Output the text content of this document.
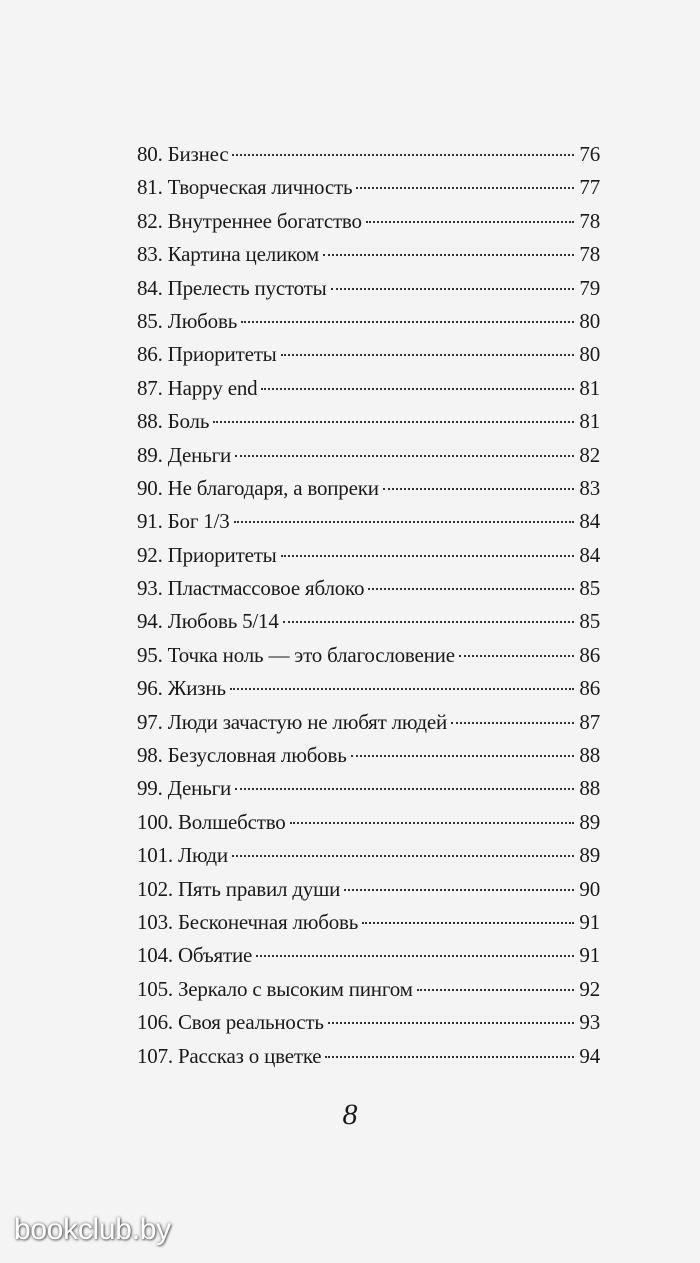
80. Бизнес	76
81. Творческая личность	77
82. Внутреннее богатство	78
83. Картина целиком	78
84. Прелесть пустоты	79
85. Любовь	80
86. Приоритеты	80
87. Happy end	81
88. Боль	81
89. Деньги	82
90. Не благодаря, а вопреки	83
91. Бог 1/3	84
92. Приоритеты	84
93. Пластмассовое яблоко	85
94. Любовь 5/14	85
95. Точка ноль — это благословение	86
96. Жизнь	86
97. Люди зачастую не любят людей	87
98. Безусловная любовь	88
99. Деньги	88
100. Волшебство	89
101. Люди	89
102. Пять правил души	90
103. Бесконечная любовь	91
104. Объятие	91
105. Зеркало с высоким пингом	92
106. Своя реальность	93
107. Рассказ о цветке	94
8
bookclub.by
